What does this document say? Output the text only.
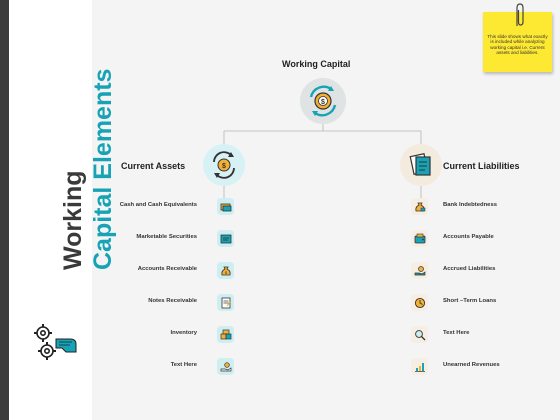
Working Capital Elements
This slide shows what exactly is included while analyzing working capital i.e. Current assets and liabilities.
Working Capital
$
Current Assets	$	Current Liabilities
Cash and Cash Equivalents
Marketable Securities
Accounts Receivable	$
Notes Receivable
Inventory
Text Here
Bank Indebtedness
Accounts Payable
Accrued Liabilities
Short –Term Loans
Text Here
Unearned Revenues
